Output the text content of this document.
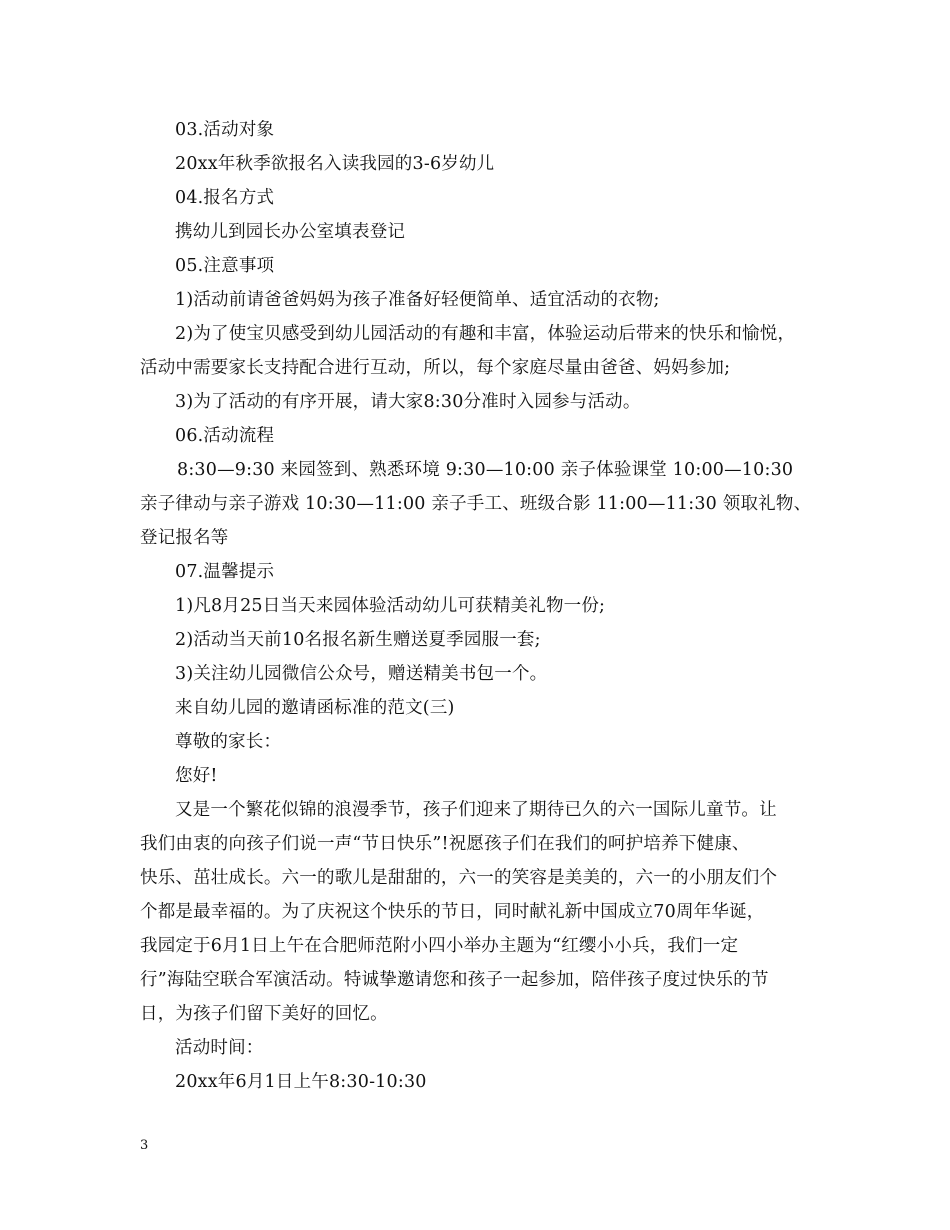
03.活动对象
20xx年秋季欲报名入读我园的3-6岁幼儿
04.报名方式
携幼儿到园长办公室填表登记
05.注意事项
1)活动前请爸爸妈妈为孩子准备好轻便简单、适宜活动的衣物;
2)为了使宝贝感受到幼儿园活动的有趣和丰富，体验运动后带来的快乐和愉悦，
活动中需要家长支持配合进行互动，所以，每个家庭尽量由爸爸、妈妈参加;
3)为了活动的有序开展，请大家8:30分准时入园参与活动。
06.活动流程
8:30—9:30 来园签到、熟悉环境 9:30—10:00 亲子体验课堂 10:00—10:30
亲子律动与亲子游戏 10:30—11:00 亲子手工、班级合影 11:00—11:30 领取礼物、
登记报名等
07.温馨提示
1)凡8月25日当天来园体验活动幼儿可获精美礼物一份;
2)活动当天前10名报名新生赠送夏季园服一套;
3)关注幼儿园微信公众号，赠送精美书包一个。
来自幼儿园的邀请函标准的范文(三)
尊敬的家长：
您好!
又是一个繁花似锦的浪漫季节，孩子们迎来了期待已久的六一国际儿童节。让
我们由衷的向孩子们说一声“节日快乐”!祝愿孩子们在我们的呵护培养下健康、
快乐、茁壮成长。六一的歌儿是甜甜的，六一的笑容是美美的，六一的小朋友们个
个都是最幸福的。为了庆祝这个快乐的节日，同时献礼新中国成立70周年华诞，
我园定于6月1日上午在合肥师范附小四小举办主题为“红缨小小兵，我们一定
行”海陆空联合军演活动。特诚挚邀请您和孩子一起参加，陪伴孩子度过快乐的节
日，为孩子们留下美好的回忆。
活动时间：
20xx年6月1日上午8:30-10:30
3
